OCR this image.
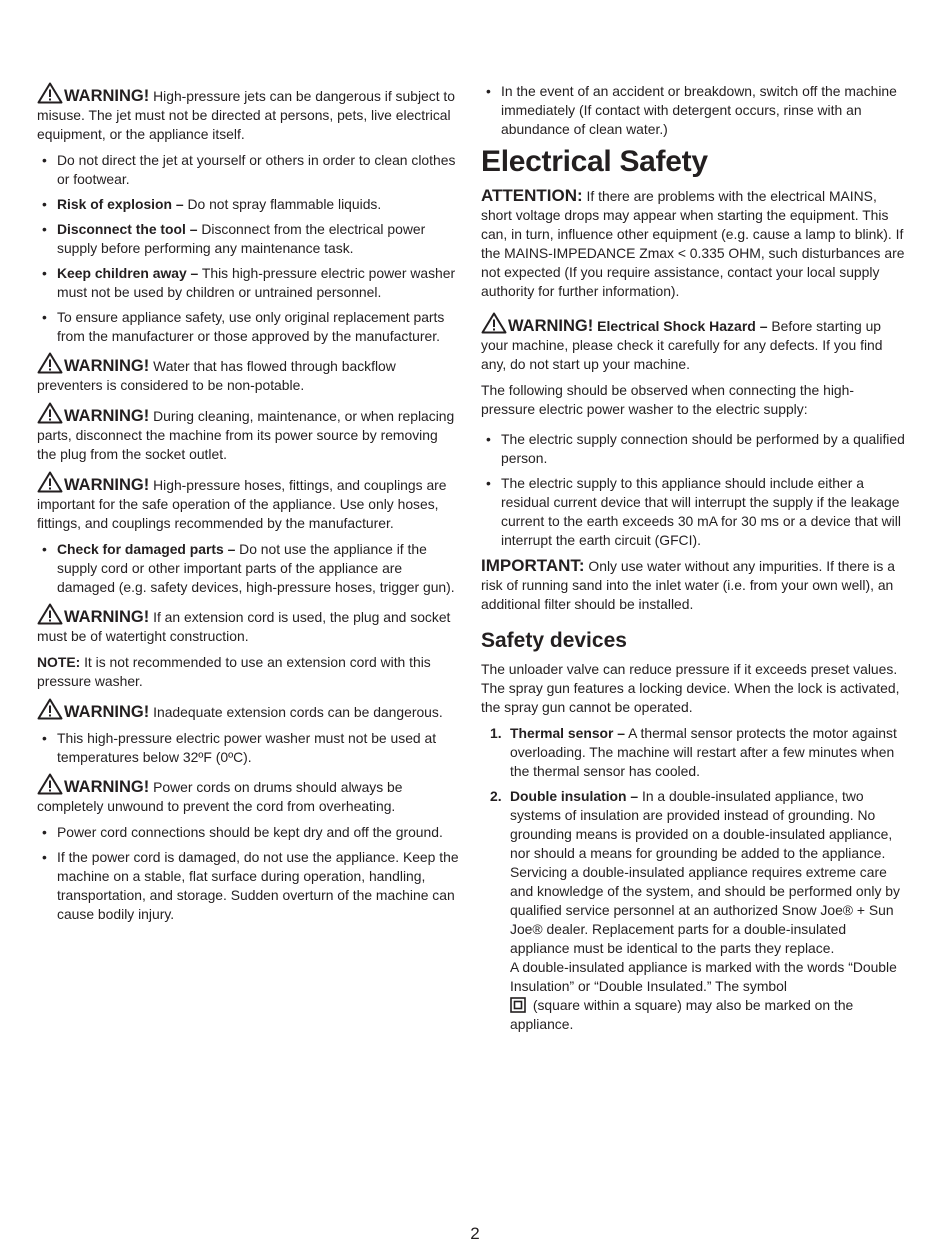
WARNING! High-pressure jets can be dangerous if subject to misuse. The jet must not be directed at persons, pets, live electrical equipment, or the appliance itself.

• Do not direct the jet at yourself or others in order to clean clothes or footwear.
• Risk of explosion – Do not spray flammable liquids.
• Disconnect the tool – Disconnect from the electrical power supply before performing any maintenance task.
• Keep children away – This high-pressure electric power washer must not be used by children or untrained personnel.
• To ensure appliance safety, use only original replacement parts from the manufacturer or those approved by the manufacturer.

WARNING! Water that has flowed through backflow preventers is considered to be non-potable.

WARNING! During cleaning, maintenance, or when replacing parts, disconnect the machine from its power source by removing the plug from the socket outlet.

WARNING! High-pressure hoses, fittings, and couplings are important for the safe operation of the appliance. Use only hoses, fittings, and couplings recommended by the manufacturer.

• Check for damaged parts – Do not use the appliance if the supply cord or other important parts of the appliance are damaged (e.g. safety devices, high-pressure hoses, trigger gun).

WARNING! If an extension cord is used, the plug and socket must be of watertight construction.

NOTE: It is not recommended to use an extension cord with this pressure washer.

WARNING! Inadequate extension cords can be dangerous.

• This high-pressure electric power washer must not be used at temperatures below 32ºF (0ºC).

WARNING! Power cords on drums should always be completely unwound to prevent the cord from overheating.

• Power cord connections should be kept dry and off the ground.
• If the power cord is damaged, do not use the appliance. Keep the machine on a stable, flat surface during operation, handling, transportation, and storage. Sudden overturn of the machine can cause bodily injury.
• In the event of an accident or breakdown, switch off the machine immediately (If contact with detergent occurs, rinse with an abundance of clean water.)
Electrical Safety

ATTENTION: If there are problems with the electrical MAINS, short voltage drops may appear when starting the equipment. This can, in turn, influence other equipment (e.g. cause a lamp to blink). If the MAINS-IMPEDANCE Zmax < 0.335 OHM, such disturbances are not expected (If you require assistance, contact your local supply authority for further information).

WARNING! Electrical Shock Hazard – Before starting up your machine, please check it carefully for any defects. If you find any, do not start up your machine.

The following should be observed when connecting the high-pressure electric power washer to the electric supply:

• The electric supply connection should be performed by a qualified person.
• The electric supply to this appliance should include either a residual current device that will interrupt the supply if the leakage current to the earth exceeds 30 mA for 30 ms or a device that will interrupt the earth circuit (GFCI).

IMPORTANT: Only use water without any impurities. If there is a risk of running sand into the inlet water (i.e. from your own well), an additional filter should be installed.

Safety devices

The unloader valve can reduce pressure if it exceeds preset values. The spray gun features a locking device. When the lock is activated, the spray gun cannot be operated.

1. Thermal sensor – A thermal sensor protects the motor against overloading. The machine will restart after a few minutes when the thermal sensor has cooled.
2. Double insulation – In a double-insulated appliance, two systems of insulation are provided instead of grounding. No grounding means is provided on a double-insulated appliance, nor should a means for grounding be added to the appliance. Servicing a double-insulated appliance requires extreme care and knowledge of the system, and should be performed only by qualified service personnel at an authorized Snow Joe® + Sun Joe® dealer. Replacement parts for a double-insulated appliance must be identical to the parts they replace.
A double-insulated appliance is marked with the words “Double Insulation” or “Double Insulated.” The symbol
(square within a square) may also be marked on the appliance.
2
